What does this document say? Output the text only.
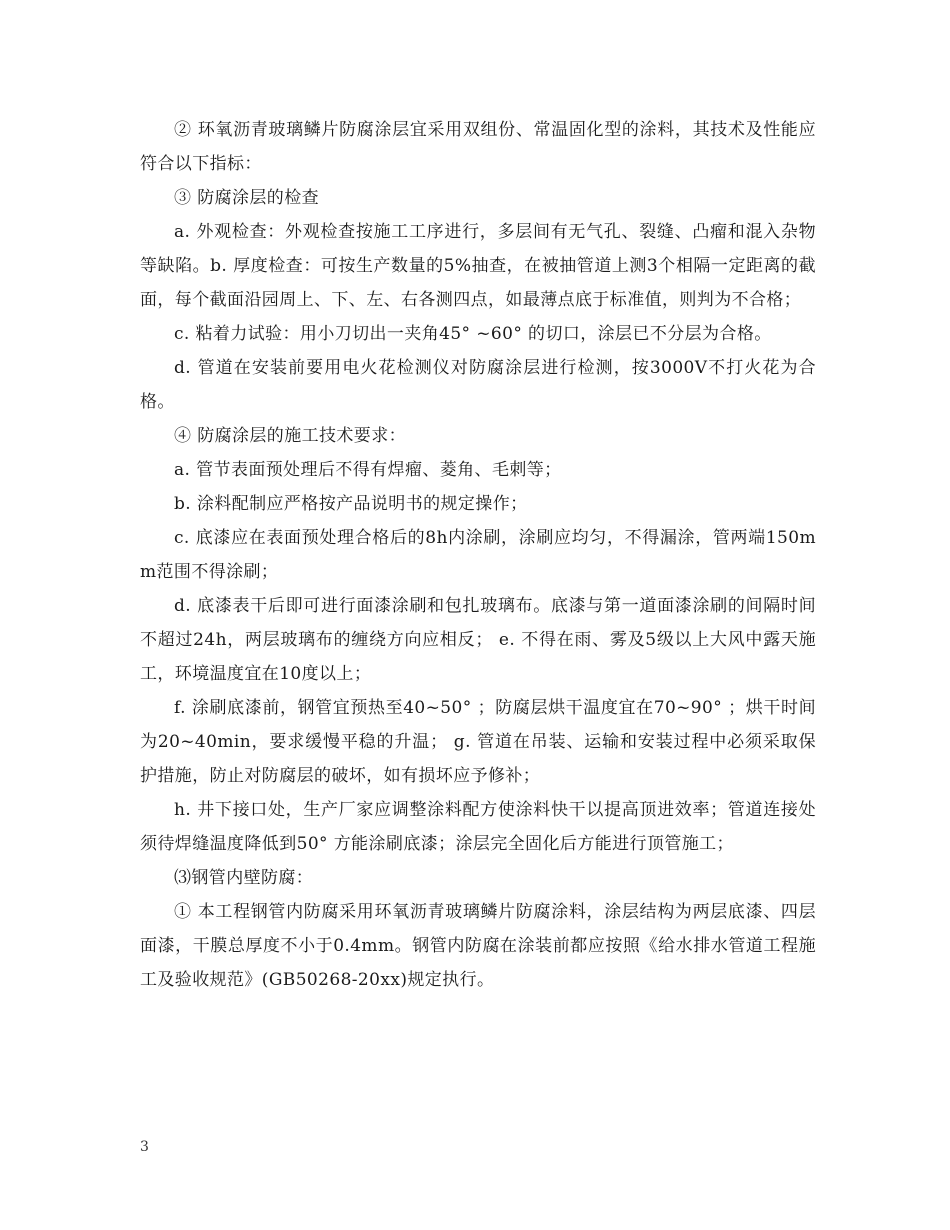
② 环氧沥青玻璃鳞片防腐涂层宜采用双组份、常温固化型的涂料，其技术及性能应符合以下指标：

③ 防腐涂层的检查

a. 外观检查：外观检查按施工工序进行，多层间有无气孔、裂缝、凸瘤和混入杂物等缺陷。b. 厚度检查：可按生产数量的5%抽查，在被抽管道上测3个相隔一定距离的截面，每个截面沿园周上、下、左、右各测四点，如最薄点底于标准值，则判为不合格；

c. 粘着力试验：用小刀切出一夹角45° ~60° 的切口，涂层已不分层为合格。

d. 管道在安装前要用电火花检测仪对防腐涂层进行检测，按3000V不打火花为合格。

④ 防腐涂层的施工技术要求：

a. 管节表面预处理后不得有焊瘤、菱角、毛刺等；

b. 涂料配制应严格按产品说明书的规定操作；

c. 底漆应在表面预处理合格后的8h内涂刷，涂刷应均匀，不得漏涂，管两端150mm范围不得涂刷；

d. 底漆表干后即可进行面漆涂刷和包扎玻璃布。底漆与第一道面漆涂刷的间隔时间不超过24h，两层玻璃布的缠绕方向应相反； e. 不得在雨、雾及5级以上大风中露天施工，环境温度宜在10度以上；

f. 涂刷底漆前，钢管宜预热至40~50° ；防腐层烘干温度宜在70~90° ；烘干时间为20~40min，要求缓慢平稳的升温； g. 管道在吊装、运输和安装过程中必须采取保护措施，防止对防腐层的破坏，如有损坏应予修补；

h. 井下接口处，生产厂家应调整涂料配方使涂料快干以提高顶进效率；管道连接处须待焊缝温度降低到50° 方能涂刷底漆；涂层完全固化后方能进行顶管施工；

⑶钢管内壁防腐：

① 本工程钢管内防腐采用环氧沥青玻璃鳞片防腐涂料，涂层结构为两层底漆、四层面漆，干膜总厚度不小于0.4mm。钢管内防腐在涂装前都应按照《给水排水管道工程施工及验收规范》(GB50268-20xx)规定执行。

3
